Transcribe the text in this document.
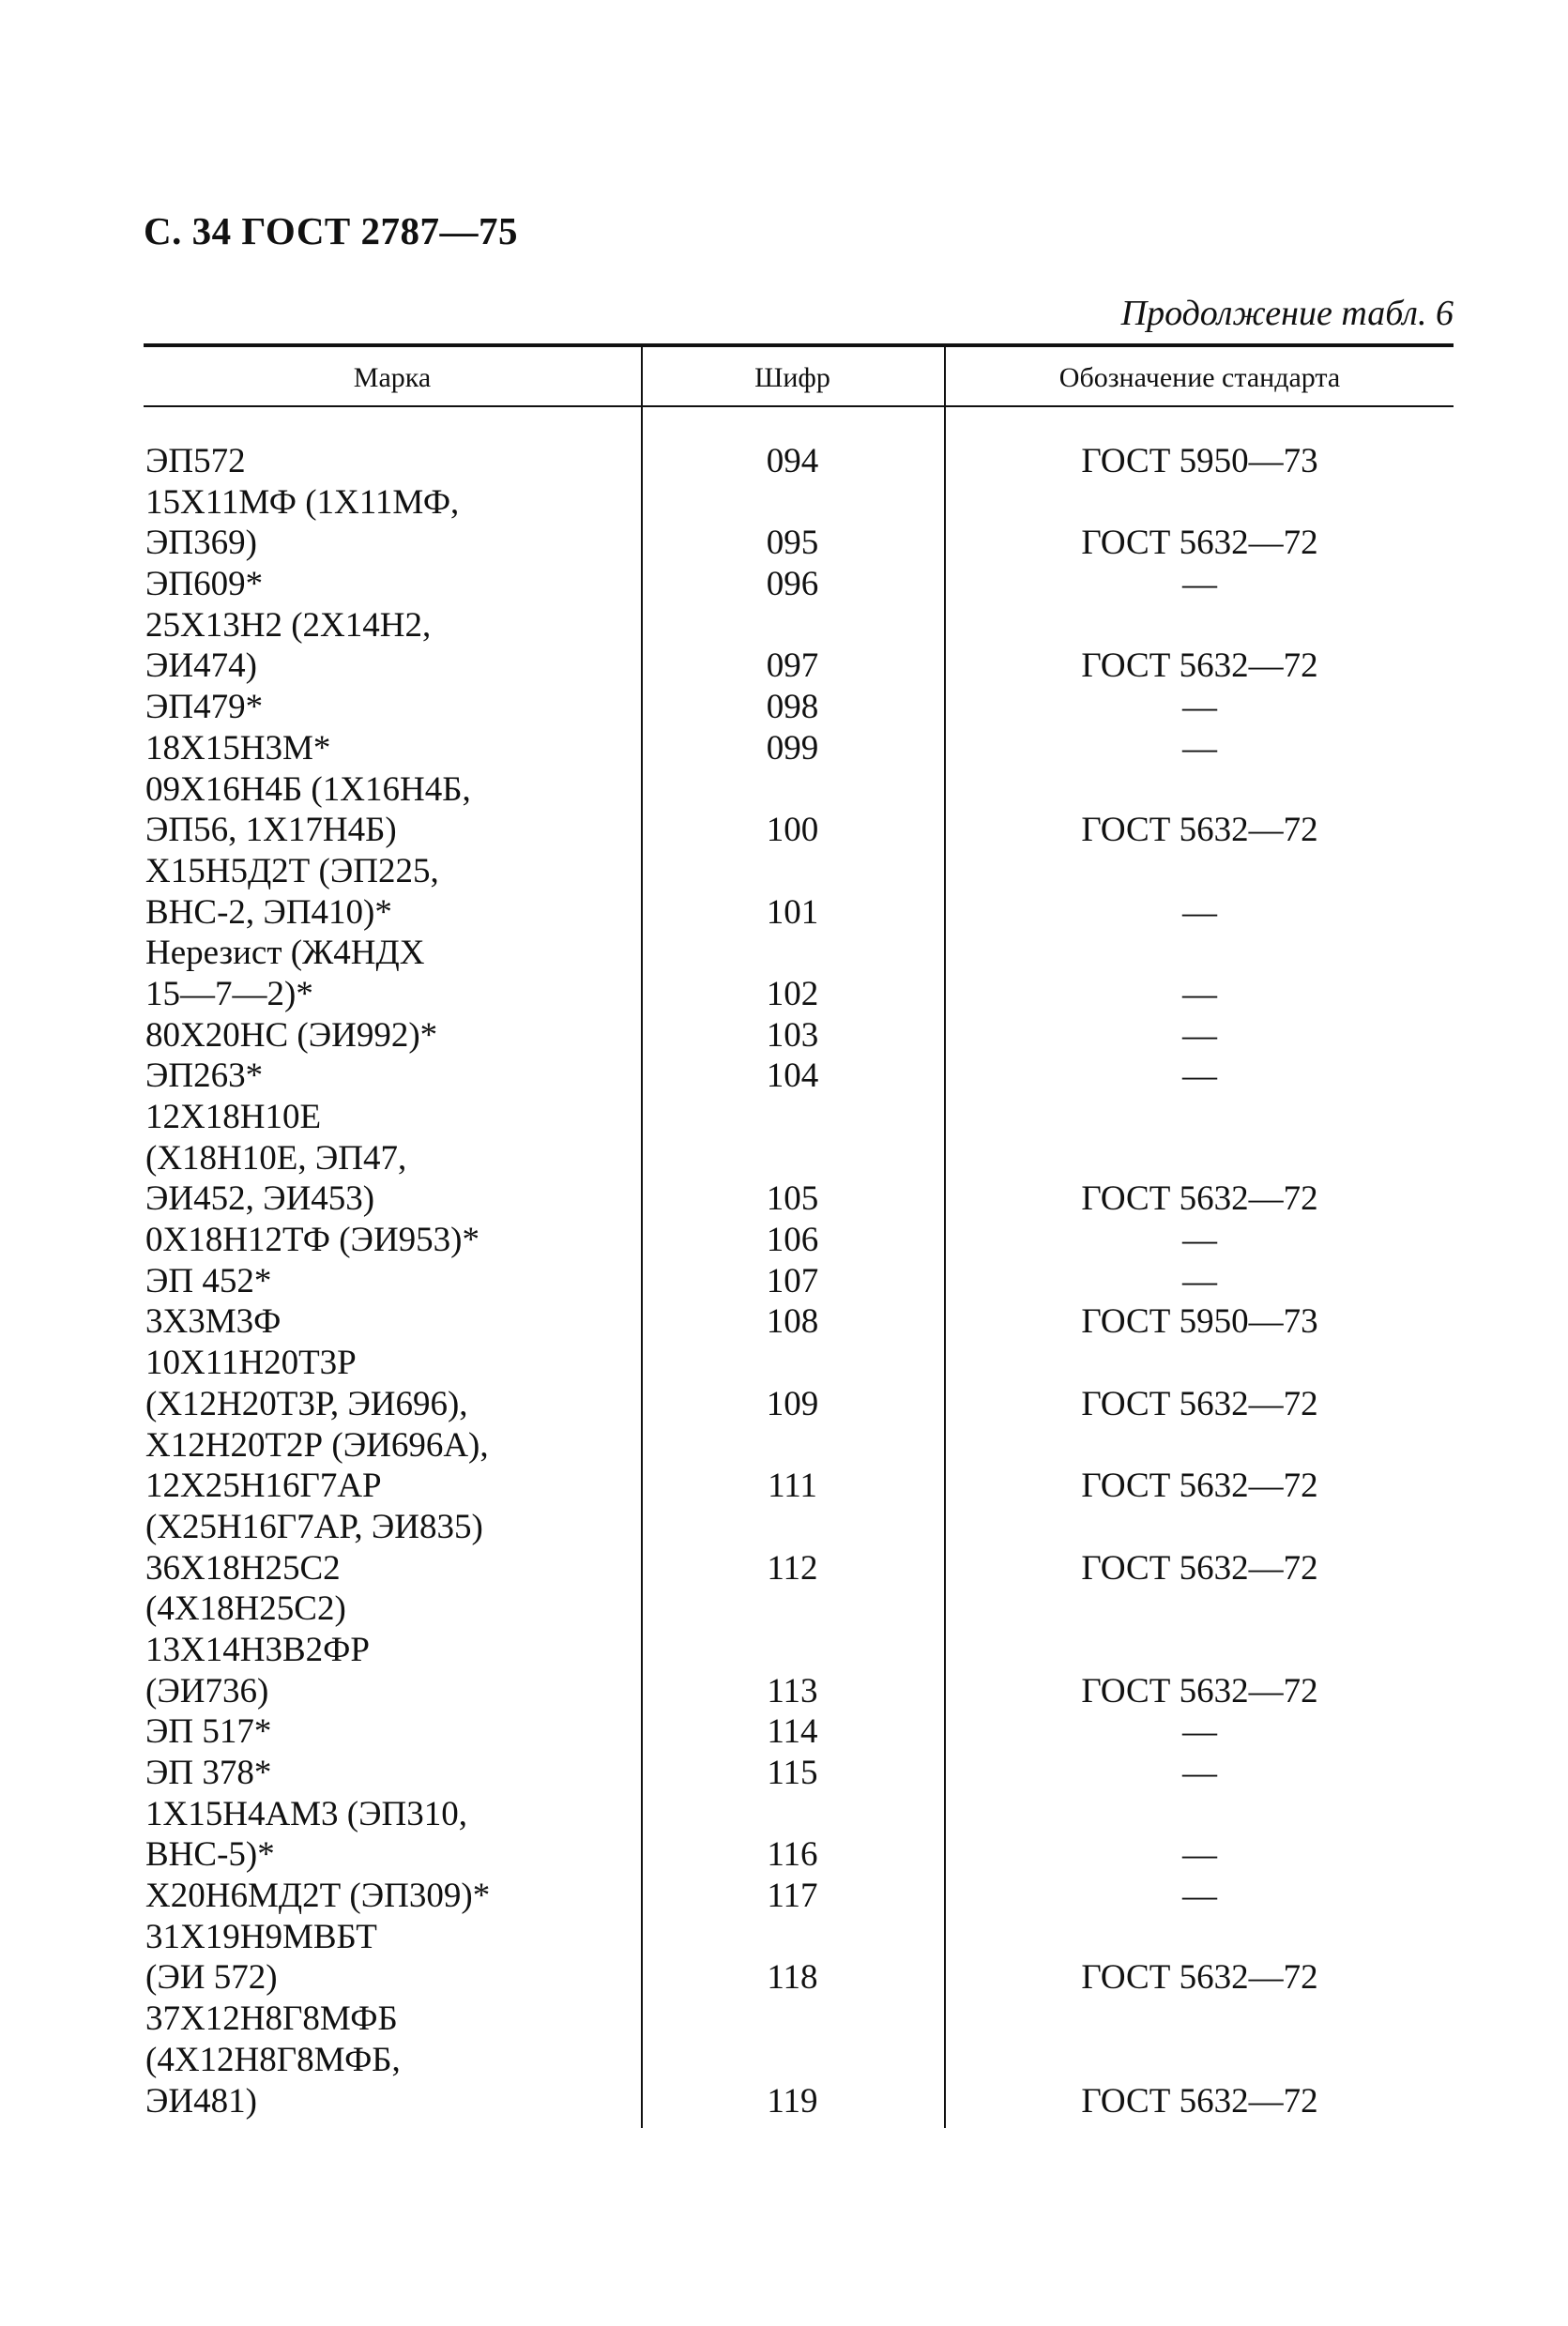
С. 34 ГОСТ 2787—75
Продолжение табл. 6
Марка	Шифр	Обозначение стандарта
ЭП572	094	ГОСТ 5950—73
15Х11МФ (1Х11МФ,
ЭП369)	095	ГОСТ 5632—72
ЭП609*	096	—
25Х13Н2 (2Х14Н2,
ЭИ474)	097	ГОСТ 5632—72
ЭП479*	098	—
18Х15Н3М*	099	—
09Х16Н4Б (1Х16Н4Б,
ЭП56, 1Х17Н4Б)	100	ГОСТ 5632—72
Х15Н5Д2Т (ЭП225,
ВНС-2, ЭП410)*	101	—
Нерезист (Ж4НДХ
15—7—2)*	102	—
80Х20НС (ЭИ992)*	103	—
ЭП263*	104	—
12Х18Н10Е
(Х18Н10Е, ЭП47,
ЭИ452, ЭИ453)	105	ГОСТ 5632—72
0Х18Н12ТФ (ЭИ953)*	106	—
ЭП 452*	107	—
3Х3М3Ф	108	ГОСТ 5950—73
10Х11Н20Т3Р
(Х12Н20Т3Р, ЭИ696),	109	ГОСТ 5632—72
Х12Н20Т2Р (ЭИ696А),
12Х25Н16Г7АР	111	ГОСТ 5632—72
(Х25Н16Г7АР, ЭИ835)
36Х18Н25С2	112	ГОСТ 5632—72
(4Х18Н25С2)
13Х14Н3В2ФР
(ЭИ736)	113	ГОСТ 5632—72
ЭП 517*	114	—
ЭП 378*	115	—
1Х15Н4АМ3 (ЭП310,
ВНС-5)*	116	—
Х20Н6МД2Т (ЭП309)*	117	—
31Х19Н9МВБТ
(ЭИ 572)	118	ГОСТ 5632—72
37Х12Н8Г8МФБ
(4Х12Н8Г8МФБ,
ЭИ481)	119	ГОСТ 5632—72
